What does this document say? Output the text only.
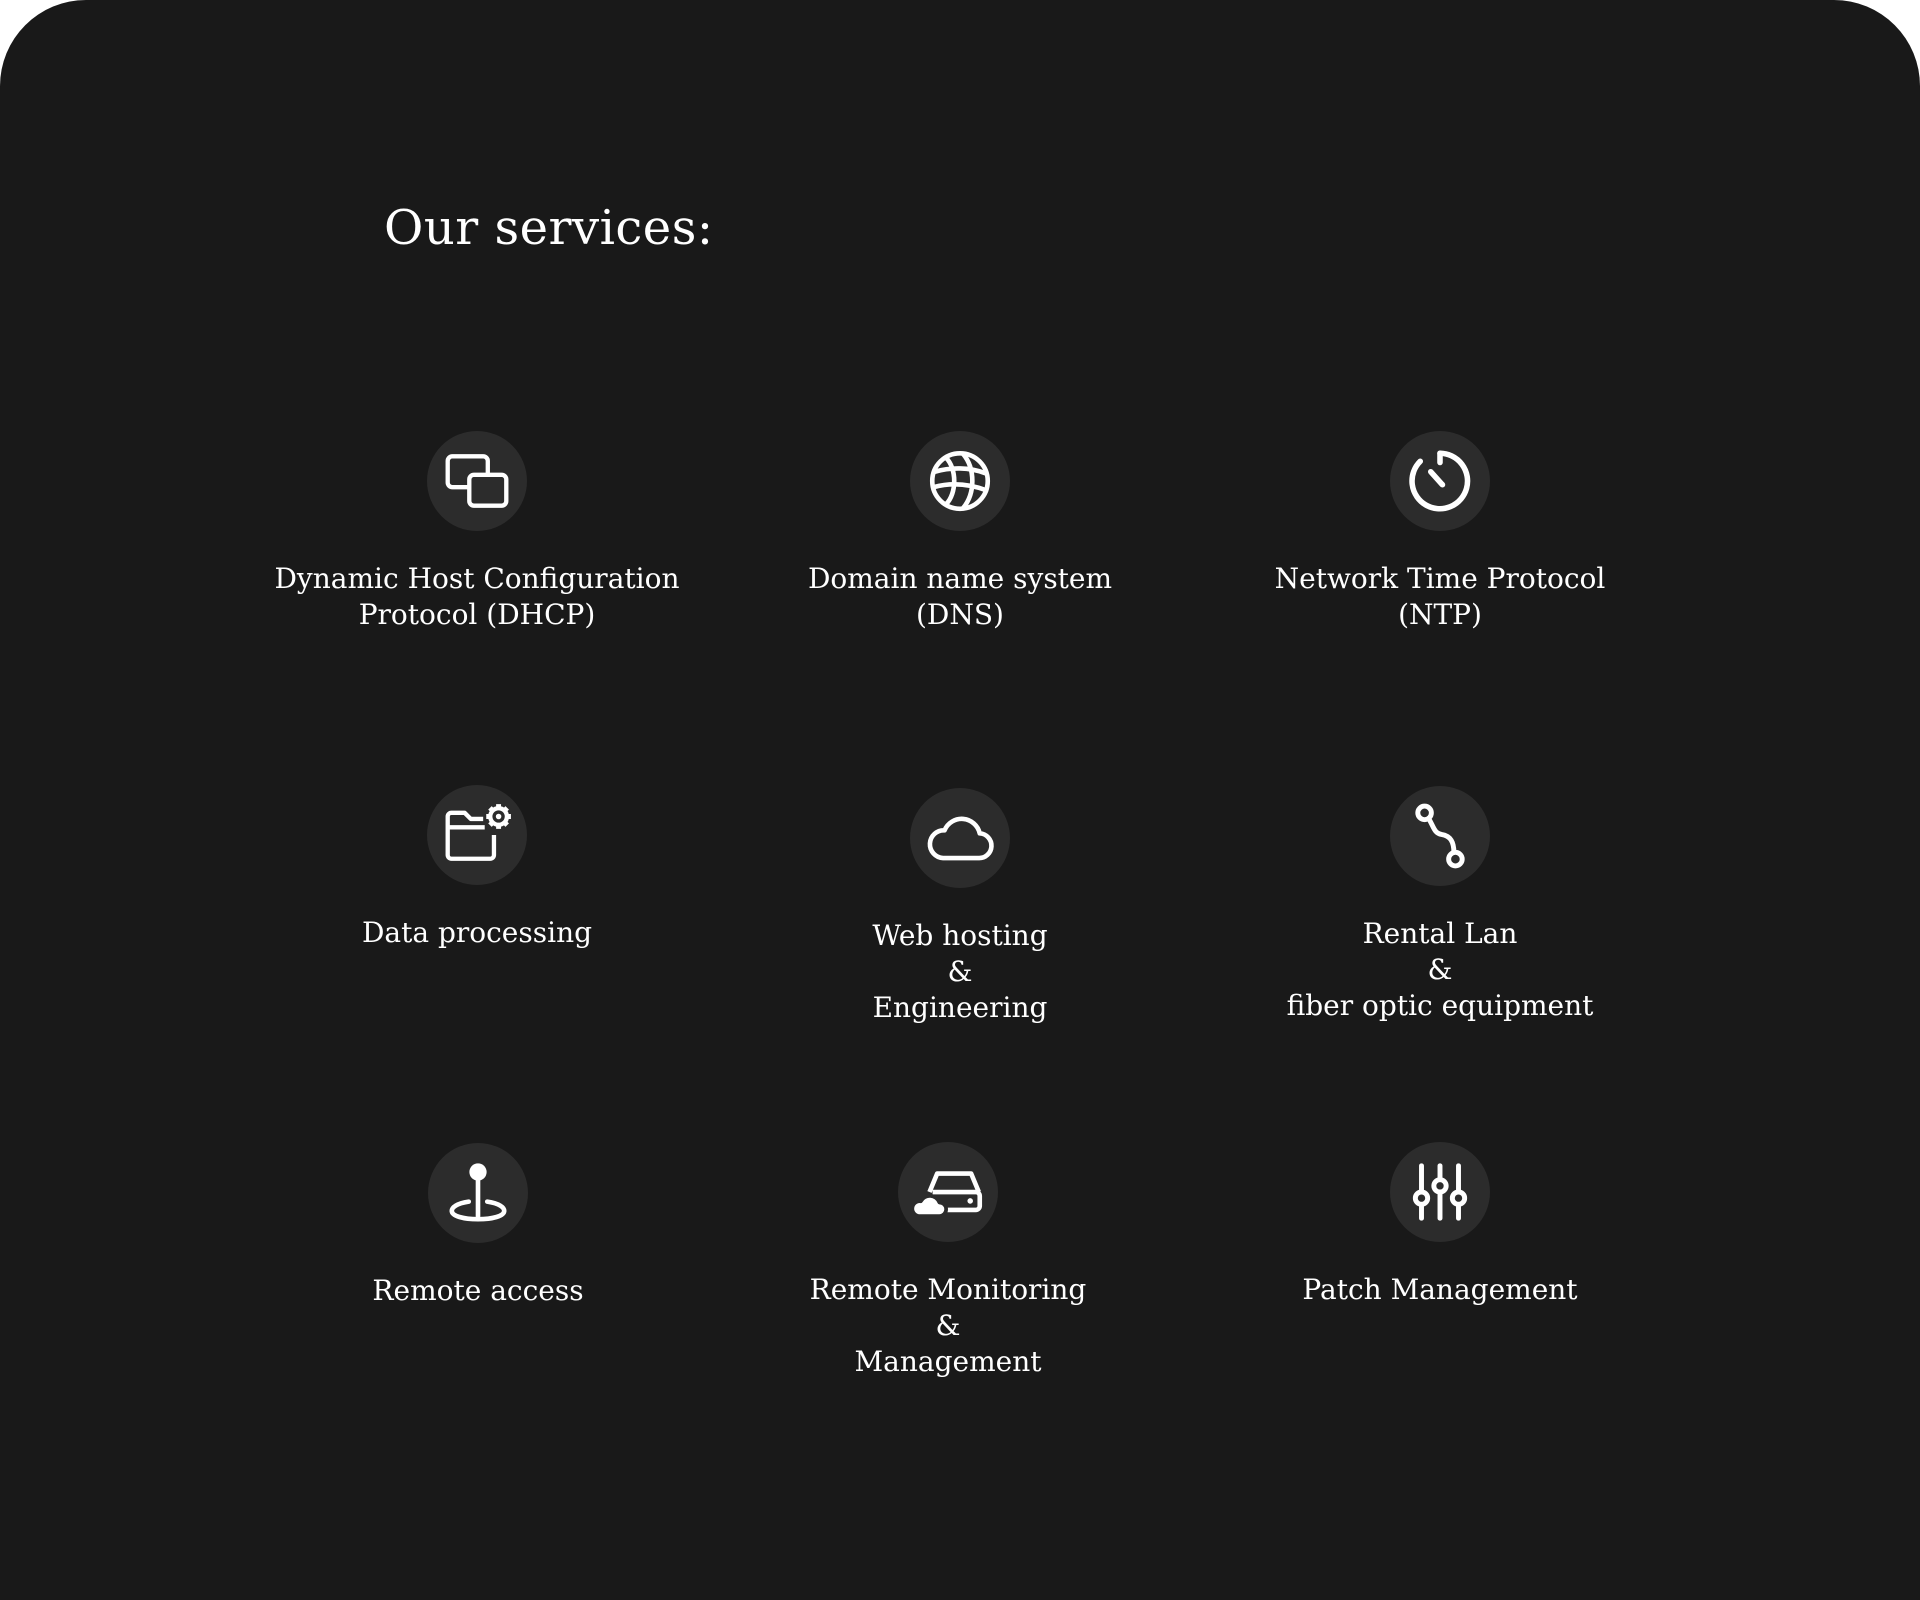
Our services:
Dynamic Host Configuration
Protocol (DHCP)
Domain name system
(DNS)
Network Time Protocol
(NTP)
Data processing	Web hosting
&
Engineering
Rental Lan
&
fiber optic equipment
Remote access	Remote Monitoring
&
Management
Patch Management
